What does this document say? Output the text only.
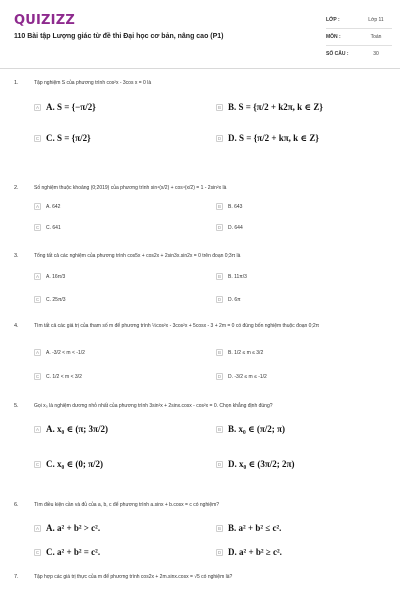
QUIZIZZ
110 Bài tập Lượng giác từ đề thi Đại học cơ bản, nâng cao (P1)
LỚP :	Lớp 11
MÔN :	Toán
SỐ CÂU :	30
1.	Tập nghiệm S của phương trình cos²x - 3cos x = 0 là
A A. S = {−π/2}	B B. S = {π/2 + k2π, k ∈ Z}
C C. S = {π/2}	D D. S = {π/2 + kπ, k ∈ Z}
2.	Số nghiệm thuộc khoảng (0;2019) của phương trình sin⁴(x/2) + cos⁴(x/2) = 1 - 2sin²x là
A	A. 642	B	B. 643
C	C. 641	D	D. 644
3.	Tổng tất cả các nghiệm của phương trình cos5x + cos2x + 2sin3x.sin2x = 0 trên đoạn 0;3π là
A	A. 16π/3	B	B. 11π/3
C	C. 25π/3	D	D. 6π
4.	Tìm tất cả các giá trị của tham số m để phương trình ½cos²x - 3cos²x + 5cosx - 3 + 2m = 0 có đúng bốn nghiệm thuộc đoạn 0;2π
A	A. -3/2 < m < -1/2	B	B. 1/2 ≤ m ≤ 3/2
C	C. 1/2 < m < 3/2	D	D. -3/2 ≤ m ≤ -1/2
5.	Gọi x₀ là nghiệm dương nhỏ nhất của phương trình 3sin²x + 2sinx.cosx - cos²x = 0. Chọn khẳng định đúng?
A A. x₀ ∈ (π; 3π/2)	B B. x₀ ∈ (π/2; π)
C C. x₀ ∈ (0; π/2)	D D. x₀ ∈ (3π/2; 2π)
6.	Tìm điều kiện cần và đủ của a, b, c để phương trình a.sinx + b.cosx = c có nghiệm?
A A. a² + b² > c².	B B. a² + b² ≤ c².
C C. a² + b² = c².	D D. a² + b² ≥ c².
7.	Tập hợp các giá trị thực của m để phương trình cos2x + 2m.sinx.cosx = √5 có nghiệm là?
